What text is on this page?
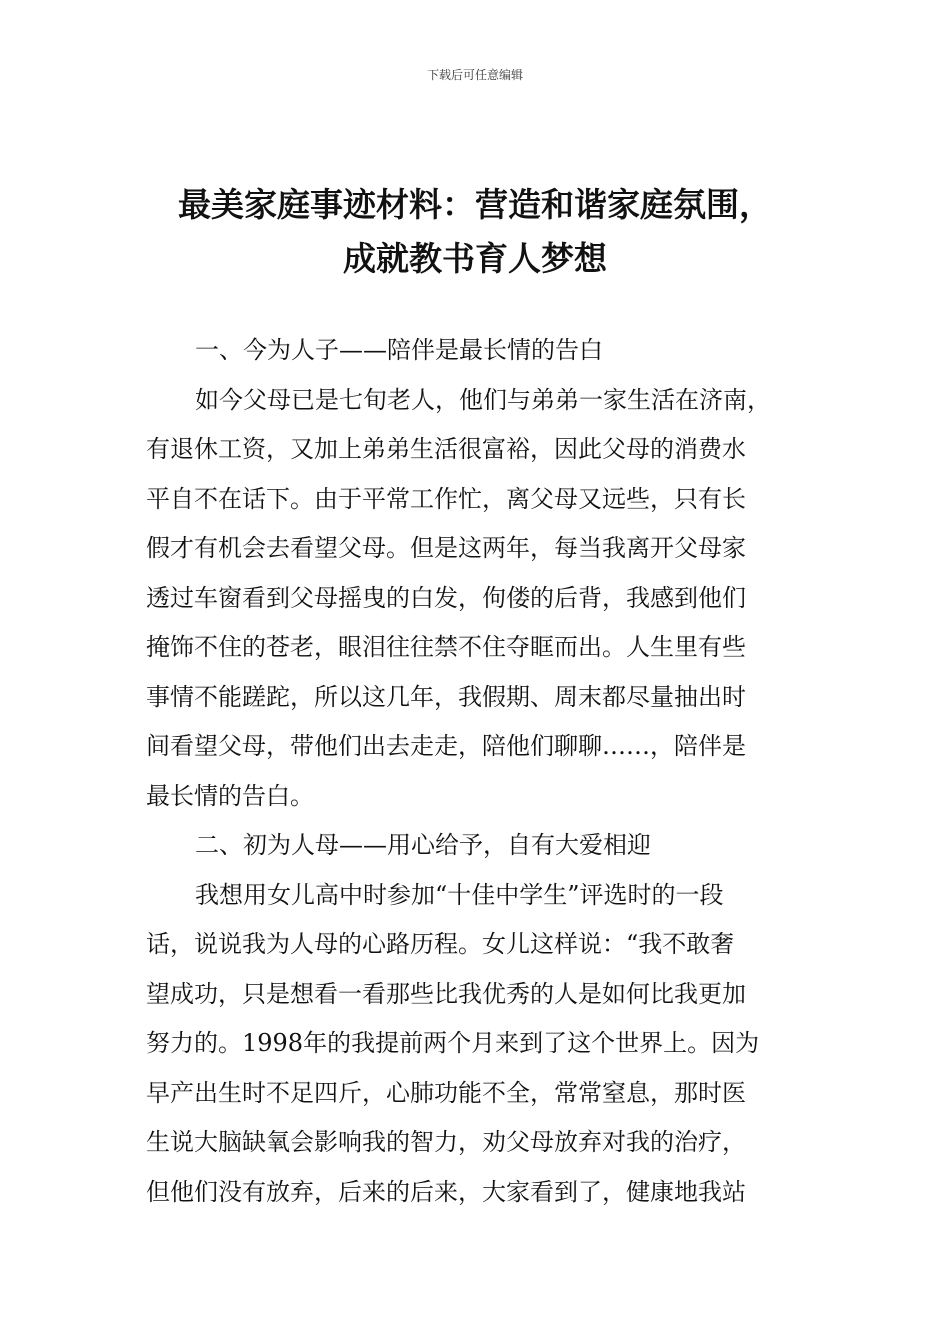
下载后可任意编辑
最美家庭事迹材料：营造和谐家庭氛围，
成就教书育人梦想
一、今为人子——陪伴是最长情的告白
如今父母已是七旬老人，他们与弟弟一家生活在济南，
有退休工资，又加上弟弟生活很富裕，因此父母的消费水
平自不在话下。由于平常工作忙，离父母又远些，只有长
假才有机会去看望父母。但是这两年，每当我离开父母家
透过车窗看到父母摇曳的白发，佝偻的后背，我感到他们
掩饰不住的苍老，眼泪往往禁不住夺眶而出。人生里有些
事情不能蹉跎，所以这几年，我假期、周末都尽量抽出时
间看望父母，带他们出去走走，陪他们聊聊……，陪伴是
最长情的告白。
二、初为人母——用心给予，自有大爱相迎
我想用女儿高中时参加“十佳中学生”评选时的一段
话，说说我为人母的心路历程。女儿这样说：“我不敢奢
望成功，只是想看一看那些比我优秀的人是如何比我更加
努力的。1998年的我提前两个月来到了这个世界上。因为
早产出生时不足四斤，心肺功能不全，常常窒息，那时医
生说大脑缺氧会影响我的智力，劝父母放弃对我的治疗，
但他们没有放弃，后来的后来，大家看到了，健康地我站
